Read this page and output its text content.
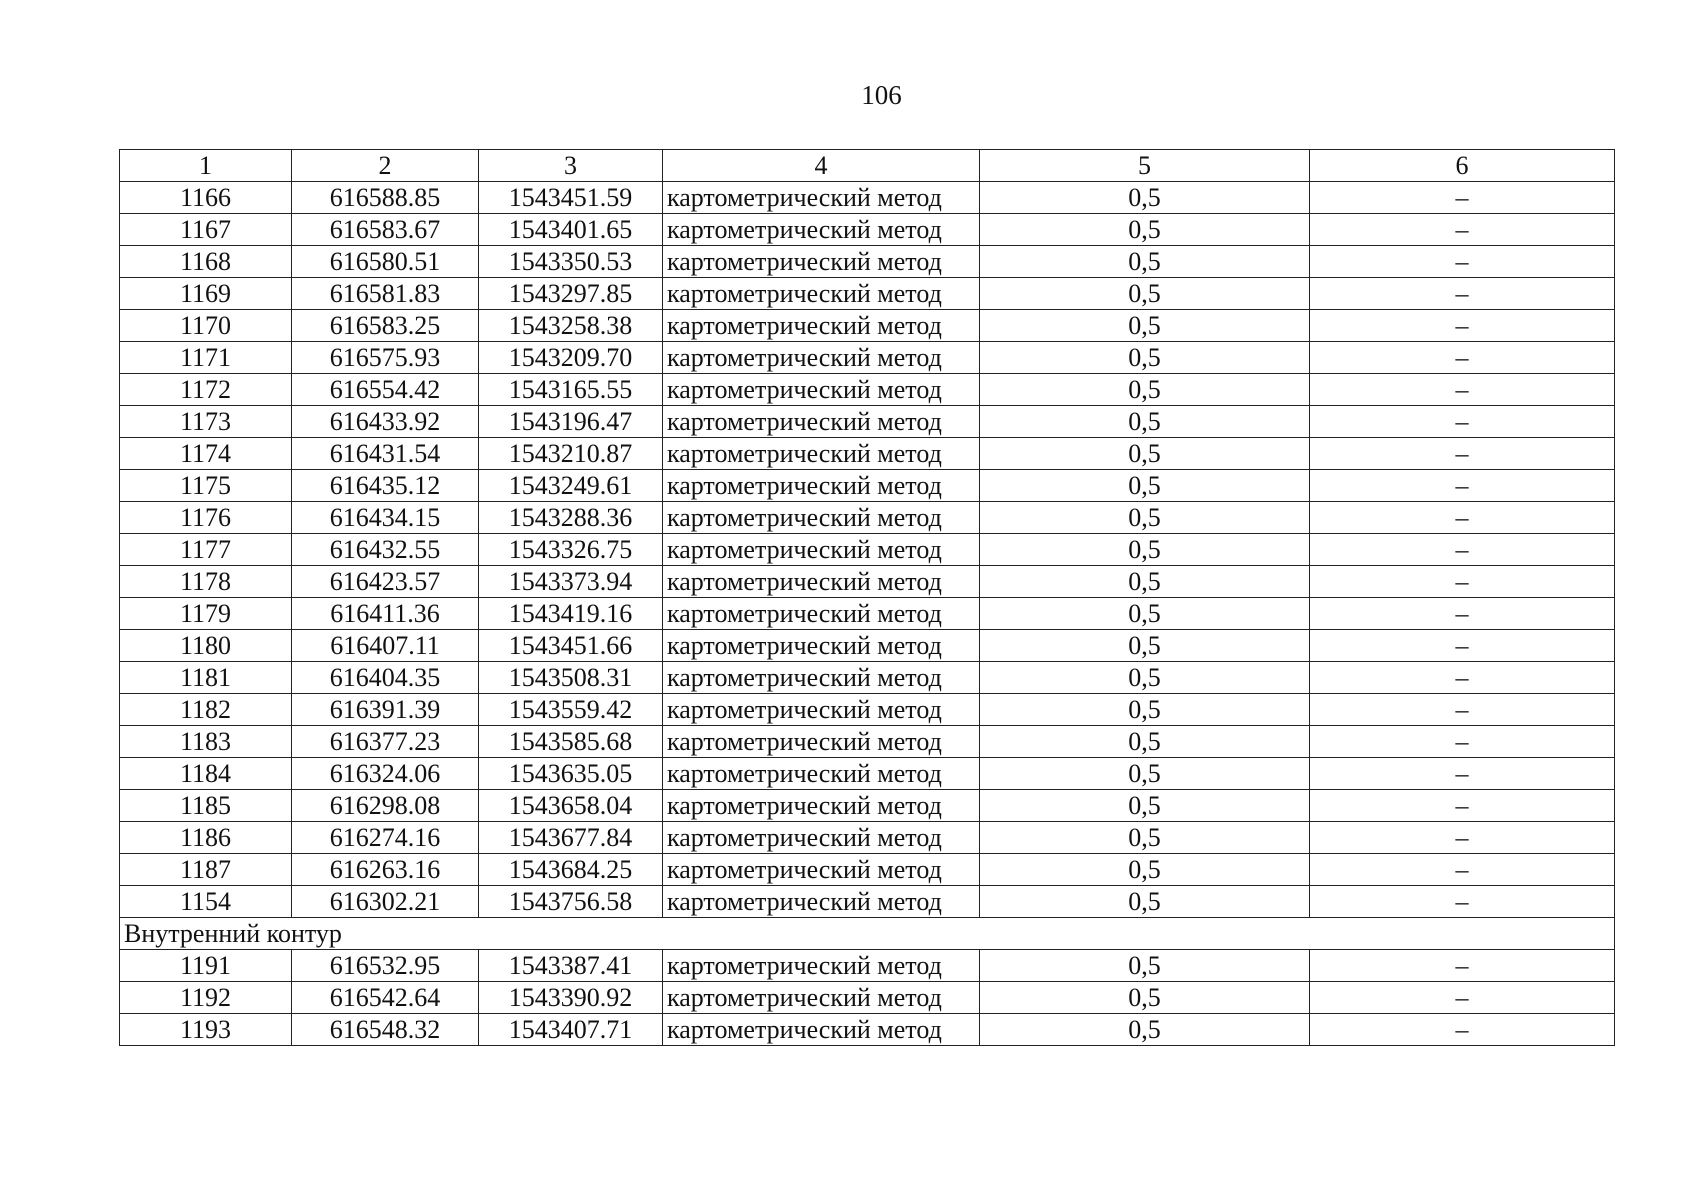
106
1	2	3	4	5	6
1166	616588.85	1543451.59	картометрический метод	0,5	–
1167	616583.67	1543401.65	картометрический метод	0,5	–
1168	616580.51	1543350.53	картометрический метод	0,5	–
1169	616581.83	1543297.85	картометрический метод	0,5	–
1170	616583.25	1543258.38	картометрический метод	0,5	–
1171	616575.93	1543209.70	картометрический метод	0,5	–
1172	616554.42	1543165.55	картометрический метод	0,5	–
1173	616433.92	1543196.47	картометрический метод	0,5	–
1174	616431.54	1543210.87	картометрический метод	0,5	–
1175	616435.12	1543249.61	картометрический метод	0,5	–
1176	616434.15	1543288.36	картометрический метод	0,5	–
1177	616432.55	1543326.75	картометрический метод	0,5	–
1178	616423.57	1543373.94	картометрический метод	0,5	–
1179	616411.36	1543419.16	картометрический метод	0,5	–
1180	616407.11	1543451.66	картометрический метод	0,5	–
1181	616404.35	1543508.31	картометрический метод	0,5	–
1182	616391.39	1543559.42	картометрический метод	0,5	–
1183	616377.23	1543585.68	картометрический метод	0,5	–
1184	616324.06	1543635.05	картометрический метод	0,5	–
1185	616298.08	1543658.04	картометрический метод	0,5	–
1186	616274.16	1543677.84	картометрический метод	0,5	–
1187	616263.16	1543684.25	картометрический метод	0,5	–
1154	616302.21	1543756.58	картометрический метод	0,5	–
Внутренний контур					
1191	616532.95	1543387.41	картометрический метод	0,5	–
1192	616542.64	1543390.92	картометрический метод	0,5	–
1193	616548.32	1543407.71	картометрический метод	0,5	–
